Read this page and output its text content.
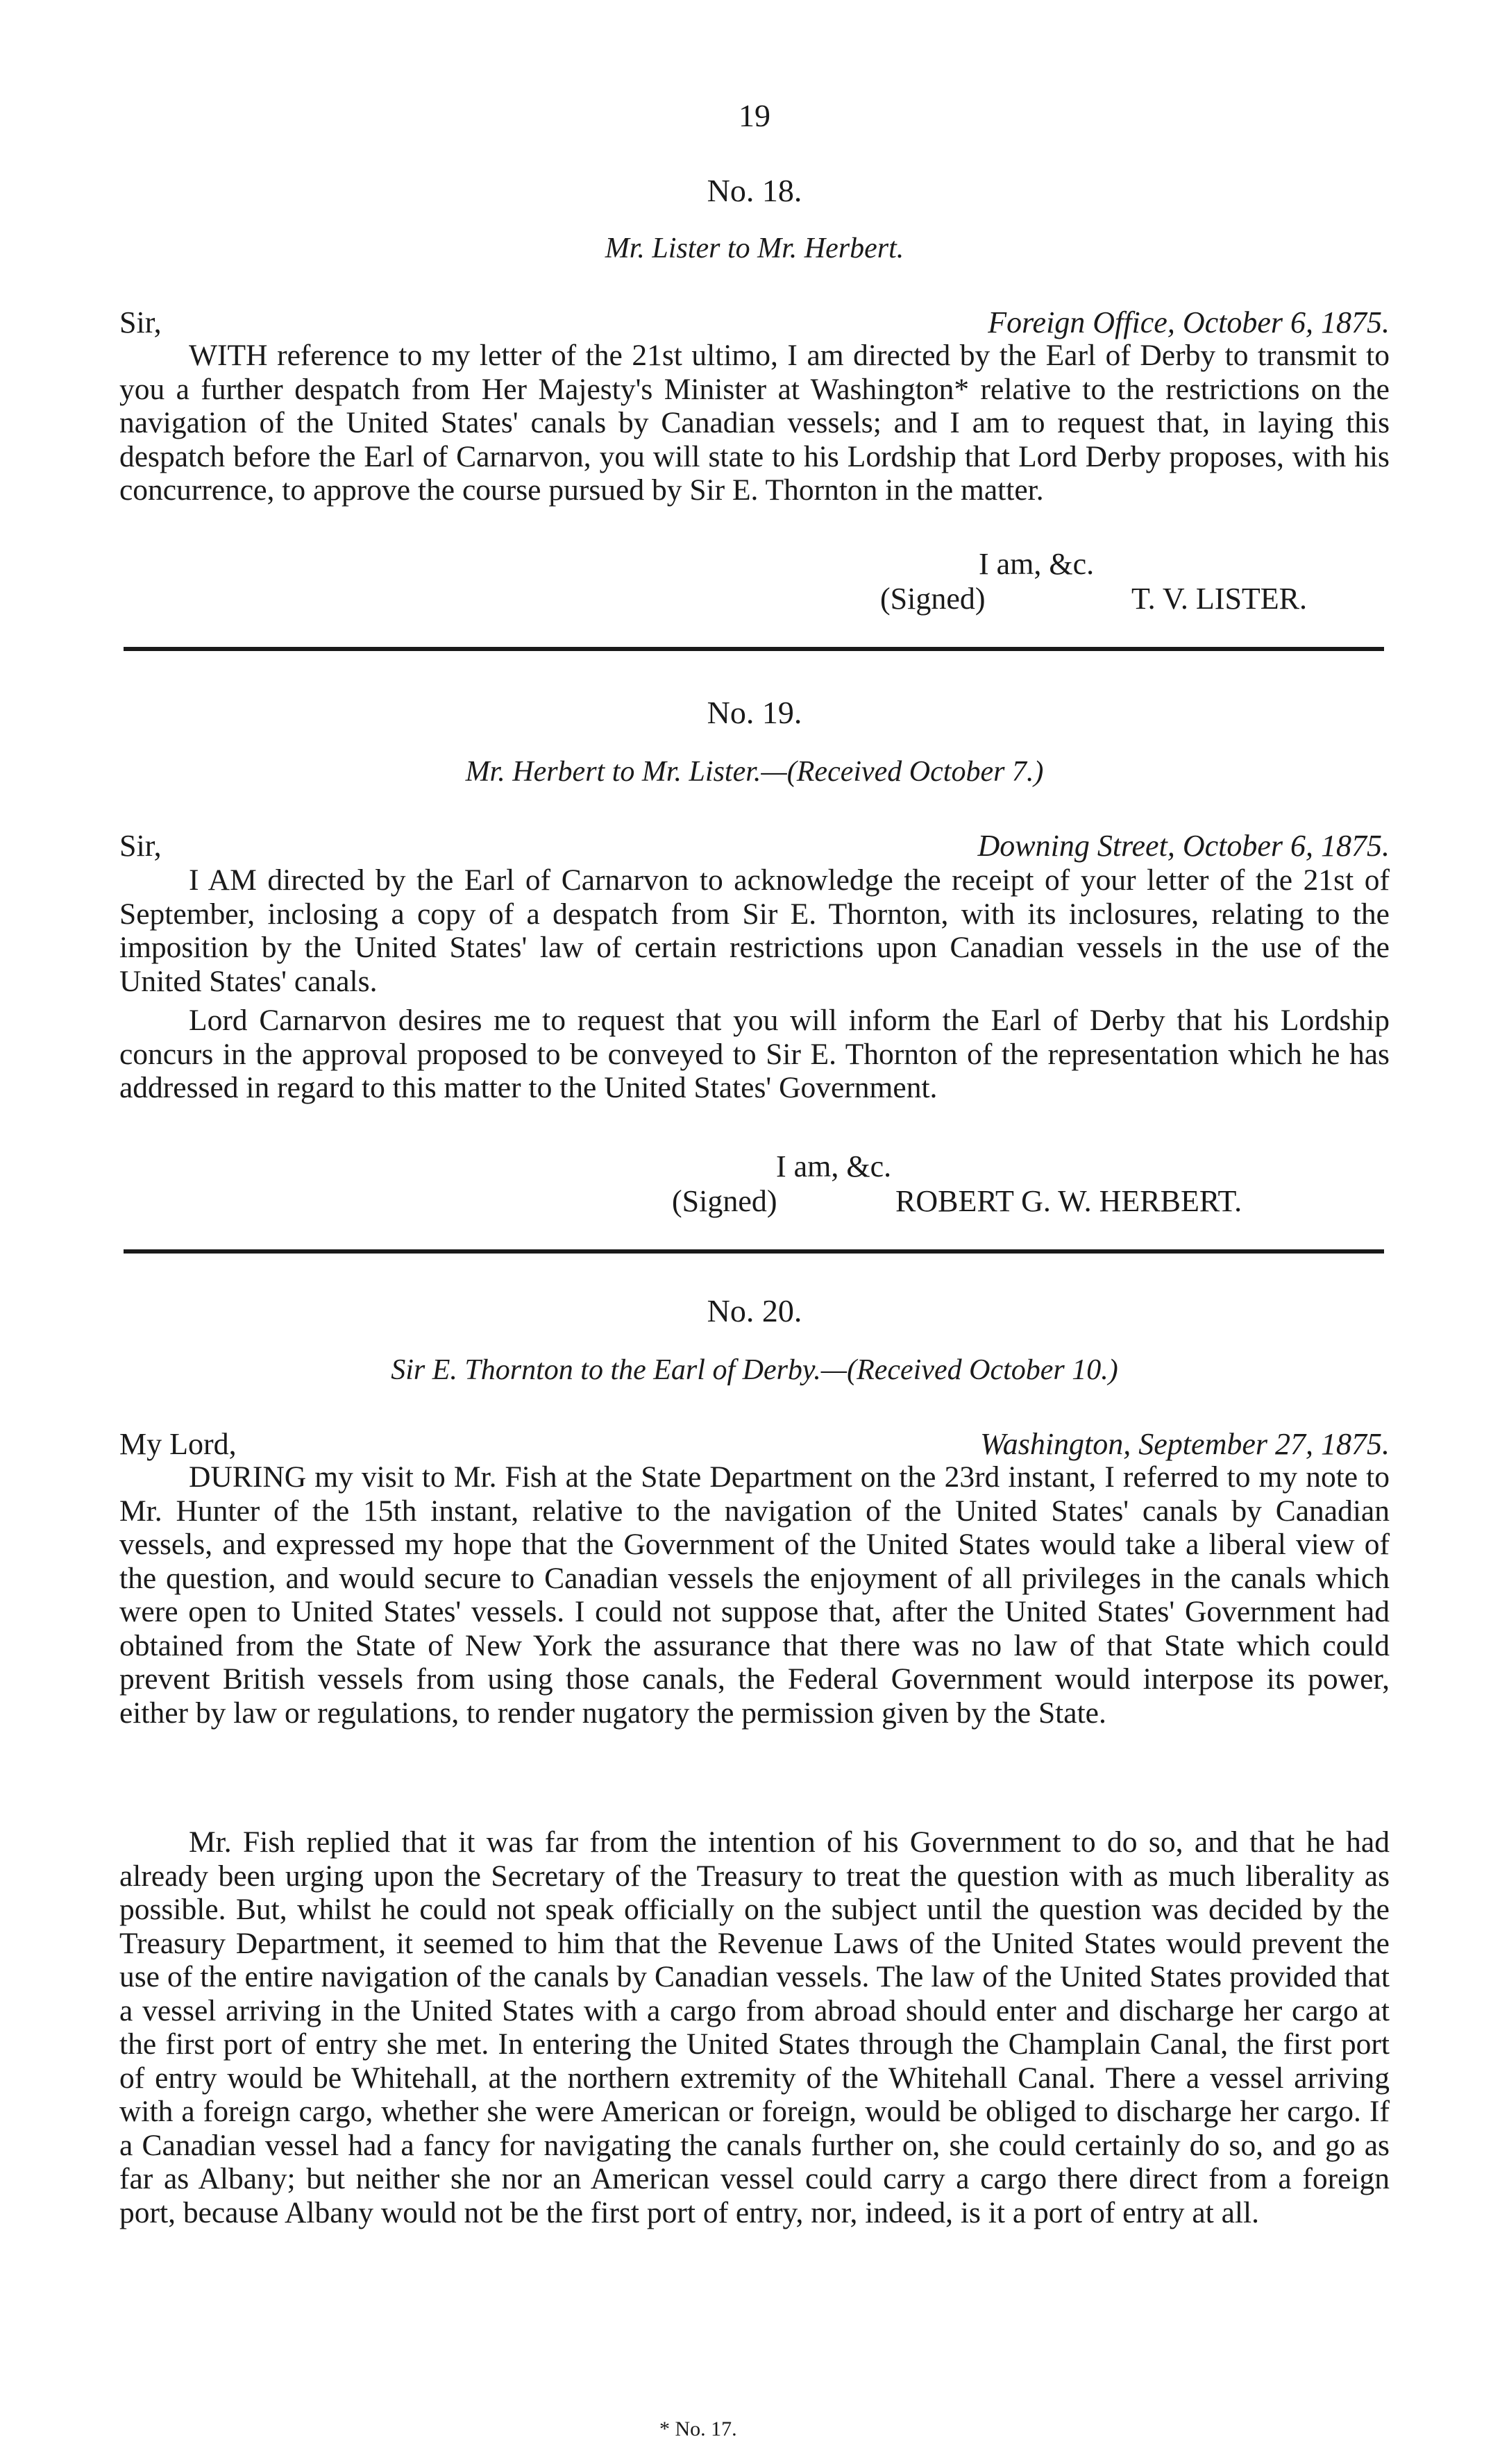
19

No. 18.

Mr. Lister to Mr. Herbert.

Sir,	Foreign Office, October 6, 1875.

WITH reference to my letter of the 21st ultimo, I am directed by the Earl of Derby to transmit to you a further despatch from Her Majesty's Minister at Washington* relative to the restrictions on the navigation of the United States' canals by Canadian vessels; and I am to request that, in laying this despatch before the Earl of Carnarvon, you will state to his Lordship that Lord Derby proposes, with his concurrence, to approve the course pursued by Sir E. Thornton in the matter.

I am, &c.

(Signed)	T. V. LISTER.

No. 19.

Mr. Herbert to Mr. Lister.—(Received October 7.)

Sir,	Downing Street, October 6, 1875.

I AM directed by the Earl of Carnarvon to acknowledge the receipt of your letter of the 21st of September, inclosing a copy of a despatch from Sir E. Thornton, with its inclosures, relating to the imposition by the United States' law of certain restrictions upon Canadian vessels in the use of the United States' canals.

Lord Carnarvon desires me to request that you will inform the Earl of Derby that his Lordship concurs in the approval proposed to be conveyed to Sir E. Thornton of the representation which he has addressed in regard to this matter to the United States' Government.

I am, &c.

(Signed)	ROBERT G. W. HERBERT.

No. 20.

Sir E. Thornton to the Earl of Derby.—(Received October 10.)

My Lord,	Washington, September 27, 1875.

DURING my visit to Mr. Fish at the State Department on the 23rd instant, I referred to my note to Mr. Hunter of the 15th instant, relative to the navigation of the United States' canals by Canadian vessels, and expressed my hope that the Government of the United States would take a liberal view of the question, and would secure to Canadian vessels the enjoyment of all privileges in the canals which were open to United States' vessels. I could not suppose that, after the United States' Government had obtained from the State of New York the assurance that there was no law of that State which could prevent British vessels from using those canals, the Federal Government would interpose its power, either by law or regulations, to render nugatory the permission given by the State.

Mr. Fish replied that it was far from the intention of his Government to do so, and that he had already been urging upon the Secretary of the Treasury to treat the question with as much liberality as possible. But, whilst he could not speak officially on the subject until the question was decided by the Treasury Department, it seemed to him that the Revenue Laws of the United States would prevent the use of the entire navigation of the canals by Canadian vessels. The law of the United States provided that a vessel arriving in the United States with a cargo from abroad should enter and discharge her cargo at the first port of entry she met. In entering the United States through the Champlain Canal, the first port of entry would be Whitehall, at the northern extremity of the Whitehall Canal. There a vessel arriving with a foreign cargo, whether she were American or foreign, would be obliged to discharge her cargo. If a Canadian vessel had a fancy for navigating the canals further on, she could certainly do so, and go as far as Albany; but neither she nor an American vessel could carry a cargo there direct from a foreign port, because Albany would not be the first port of entry, nor, indeed, is it a port of entry at all.

* No. 17.
